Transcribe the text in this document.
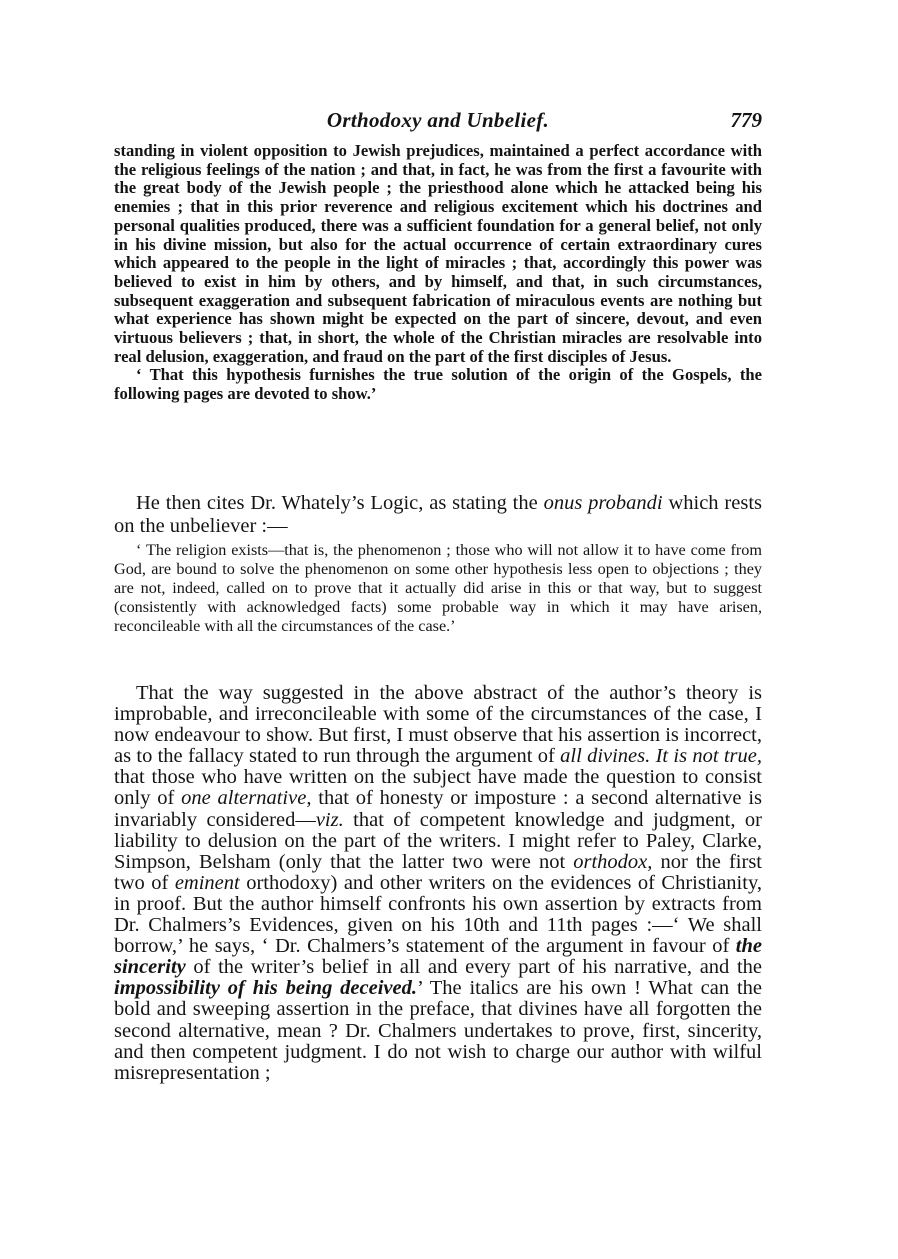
Orthodoxy and Unbelief.	779

standing in violent opposition to Jewish prejudices, maintained a perfect accordance with the religious feelings of the nation ; and that, in fact, he was from the first a favourite with the great body of the Jewish people ; the priesthood alone which he attacked being his enemies ; that in this prior reverence and religious excitement which his doctrines and personal qualities produced, there was a sufficient foundation for a general belief, not only in his divine mission, but also for the actual occurrence of certain extraordinary cures which appeared to the people in the light of miracles ; that, accordingly this power was believed to exist in him by others, and by himself, and that, in such circumstances, subsequent exaggeration and subsequent fabrication of miraculous events are nothing but what experience has shown might be expected on the part of sincere, devout, and even virtuous believers ; that, in short, the whole of the Christian miracles are resolvable into real delusion, exaggeration, and fraud on the part of the first disciples of Jesus.

‘ That this hypothesis furnishes the true solution of the origin of the Gospels, the following pages are devoted to show.’

He then cites Dr. Whately’s Logic, as stating the onus probandi which rests on the unbeliever :—

‘ The religion exists—that is, the phenomenon ; those who will not allow it to have come from God, are bound to solve the phenomenon on some other hypothesis less open to objections ; they are not, indeed, called on to prove that it actually did arise in this or that way, but to suggest (consistently with acknowledged facts) some probable way in which it may have arisen, reconcileable with all the circumstances of the case.’

That the way suggested in the above abstract of the author’s theory is improbable, and irreconcileable with some of the circumstances of the case, I now endeavour to show. But first, I must observe that his assertion is incorrect, as to the fallacy stated to run through the argument of all divines. It is not true, that those who have written on the subject have made the question to consist only of one alternative, that of honesty or imposture : a second alternative is invariably considered—viz. that of competent knowledge and judgment, or liability to delusion on the part of the writers. I might refer to Paley, Clarke, Simpson, Belsham (only that the latter two were not orthodox, nor the first two of eminent orthodoxy) and other writers on the evidences of Christianity, in proof. But the author himself confronts his own assertion by extracts from Dr. Chalmers’s Evidences, given on his 10th and 11th pages :—‘ We shall borrow,’ he says, ‘ Dr. Chalmers’s statement of the argument in favour of the sincerity of the writer’s belief in all and every part of his narrative, and the impossibility of his being deceived.’ The italics are his own ! What can the bold and sweeping assertion in the preface, that divines have all forgotten the second alternative, mean ? Dr. Chalmers undertakes to prove, first, sincerity, and then competent judgment. I do not wish to charge our author with wilful misrepresentation ;
